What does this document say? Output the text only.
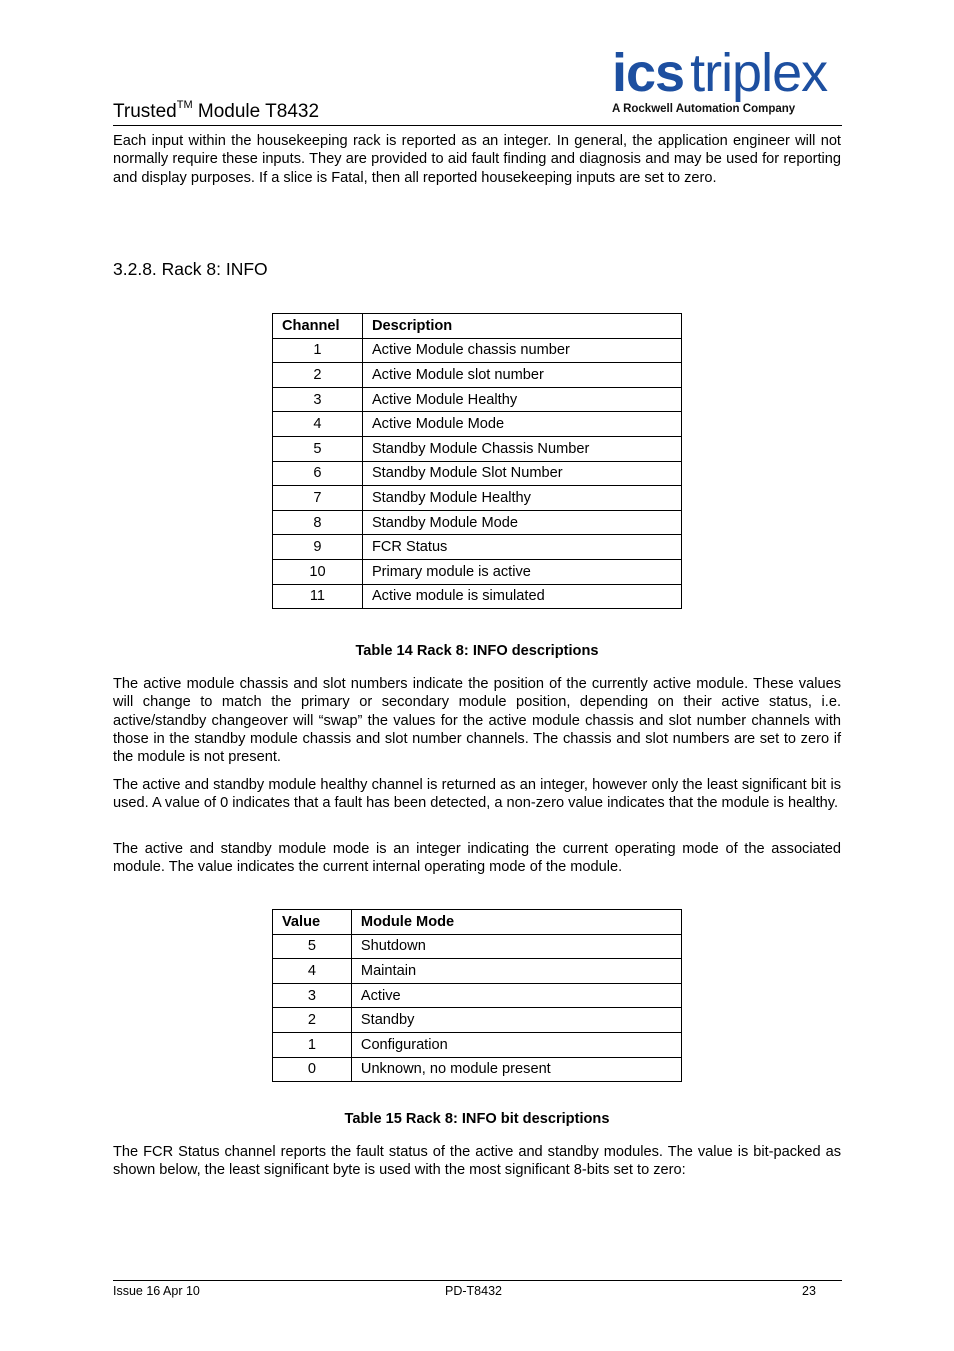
Trusted™ Module T8432
ics triplex
A Rockwell Automation Company

Each input within the housekeeping rack is reported as an integer. In general, the application engineer will not normally require these inputs. They are provided to aid fault finding and diagnosis and may be used for reporting and display purposes. If a slice is Fatal, then all reported housekeeping inputs are set to zero.

3.2.8. Rack 8: INFO
Channel	Description
1	Active Module chassis number
2	Active Module slot number
3	Active Module Healthy
4	Active Module Mode
5	Standby Module Chassis Number
6	Standby Module Slot Number
7	Standby Module Healthy
8	Standby Module Mode
9	FCR Status
10	Primary module is active
11	Active module is simulated
Table 14 Rack 8: INFO descriptions

The active module chassis and slot numbers indicate the position of the currently active module. These values will change to match the primary or secondary module position, depending on their active status, i.e. active/standby changeover will “swap” the values for the active module chassis and slot number channels with those in the standby module chassis and slot number channels. The chassis and slot numbers are set to zero if the module is not present.

The active and standby module healthy channel is returned as an integer, however only the least significant bit is used. A value of 0 indicates that a fault has been detected, a non-zero value indicates that the module is healthy.

The active and standby module mode is an integer indicating the current operating mode of the associated module. The value indicates the current internal operating mode of the module.

Value	Module Mode
5	Shutdown
4	Maintain
3	Active
2	Standby
1	Configuration
0	Unknown, no module present
Table 15 Rack 8: INFO bit descriptions

The FCR Status channel reports the fault status of the active and standby modules. The value is bit-packed as shown below, the least significant byte is used with the most significant 8-bits set to zero:

Issue 16 Apr 10	PD-T8432	23
